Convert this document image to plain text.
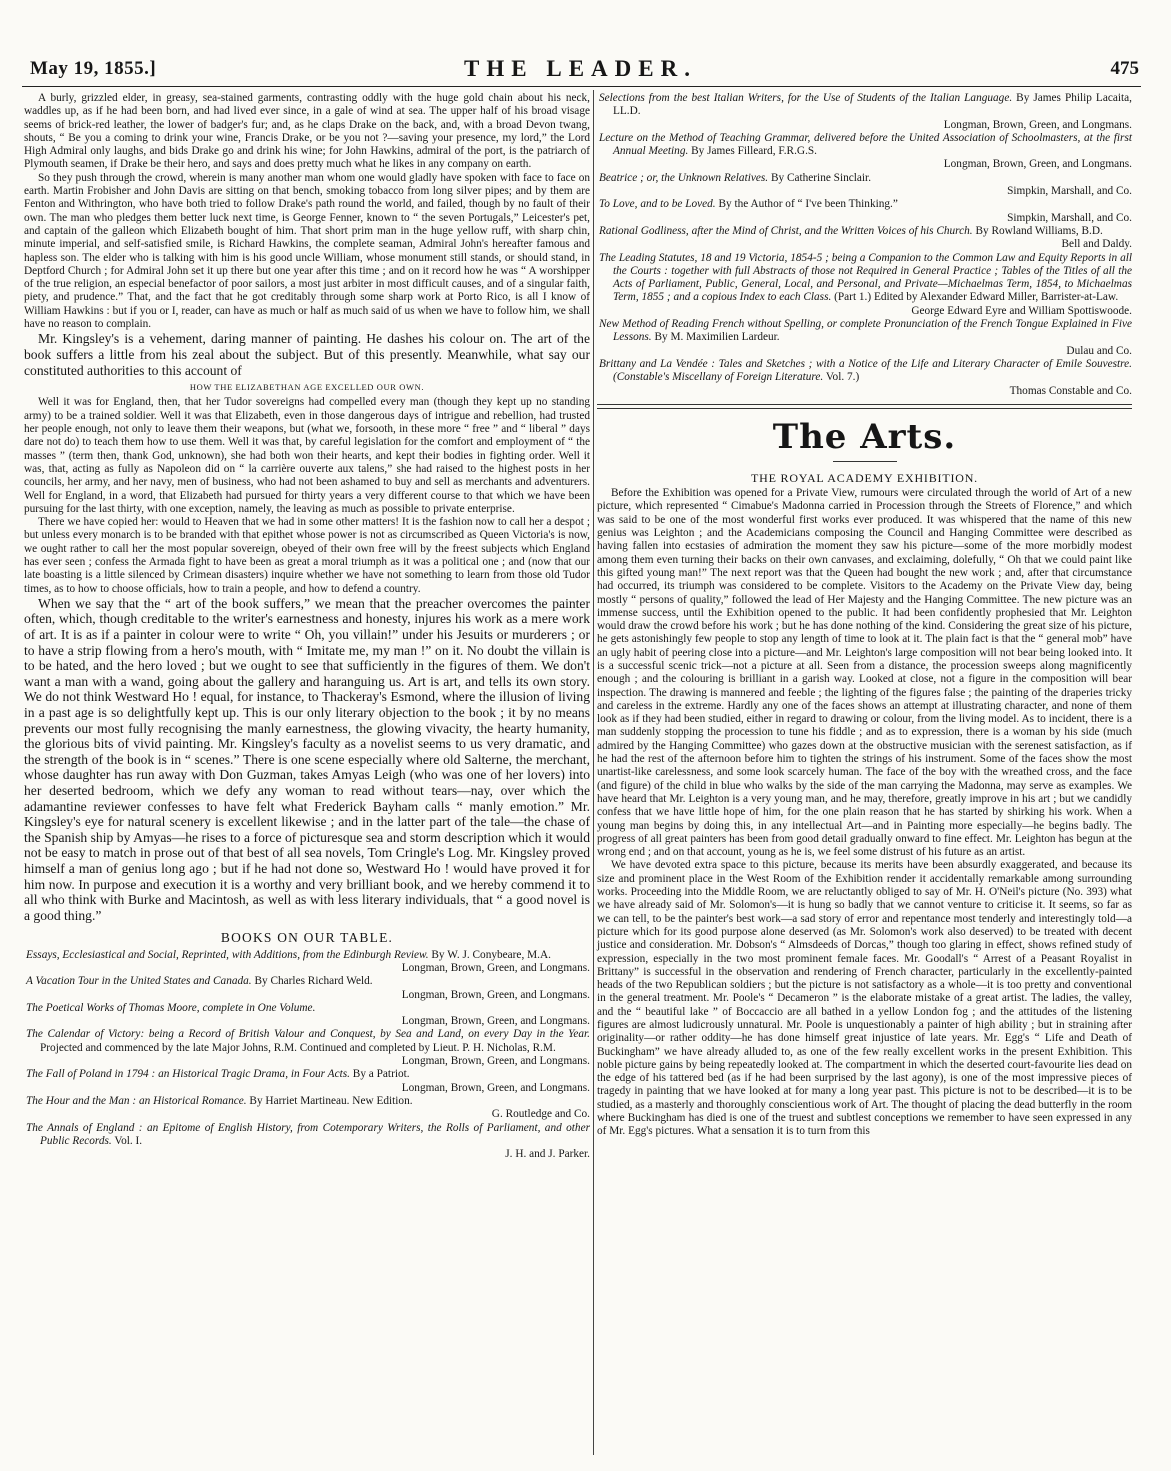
May 19, 1855.]	THE LEADER.	475

A burly, grizzled elder, in greasy, sea-stained garments, contrasting oddly with the huge gold chain about his neck, waddles up, as if he had been born, and had lived ever since, in a gale of wind at sea. The upper half of his broad visage seems of brick-red leather, the lower of badger's fur; and, as he claps Drake on the back, and, with a broad Devon twang, shouts, “ Be you a coming to drink your wine, Francis Drake, or be you not ?—saving your presence, my lord,” the Lord High Admiral only laughs, and bids Drake go and drink his wine; for John Hawkins, admiral of the port, is the patriarch of Plymouth seamen, if Drake be their hero, and says and does pretty much what he likes in any company on earth.

So they push through the crowd, wherein is many another man whom one would gladly have spoken with face to face on earth. Martin Frobisher and John Davis are sitting on that bench, smoking tobacco from long silver pipes; and by them are Fenton and Withrington, who have both tried to follow Drake's path round the world, and failed, though by no fault of their own. The man who pledges them better luck next time, is George Fenner, known to “ the seven Portugals,” Leicester's pet, and captain of the galleon which Elizabeth bought of him. That short prim man in the huge yellow ruff, with sharp chin, minute imperial, and self-satisfied smile, is Richard Hawkins, the complete seaman, Admiral John's hereafter famous and hapless son. The elder who is talking with him is his good uncle William, whose monument still stands, or should stand, in Deptford Church ; for Admiral John set it up there but one year after this time ; and on it record how he was “ A worshipper of the true religion, an especial benefactor of poor sailors, a most just arbiter in most difficult causes, and of a singular faith, piety, and prudence.” That, and the fact that he got creditably through some sharp work at Porto Rico, is all I know of William Hawkins : but if you or I, reader, can have as much or half as much said of us when we have to follow him, we shall have no reason to complain.

Mr. Kingsley's is a vehement, daring manner of painting. He dashes his colour on. The art of the book suffers a little from his zeal about the subject. But of this presently. Meanwhile, what say our constituted authorities to this account of

HOW THE ELIZABETHAN AGE EXCELLED OUR OWN.

Well it was for England, then, that her Tudor sovereigns had compelled every man (though they kept up no standing army) to be a trained soldier. Well it was that Elizabeth, even in those dangerous days of intrigue and rebellion, had trusted her people enough, not only to leave them their weapons, but (what we, forsooth, in these more “ free ” and “ liberal ” days dare not do) to teach them how to use them. Well it was that, by careful legislation for the comfort and employment of “ the masses ” (term then, thank God, unknown), she had both won their hearts, and kept their bodies in fighting order. Well it was, that, acting as fully as Napoleon did on “ la carrière ouverte aux talens,” she had raised to the highest posts in her councils, her army, and her navy, men of business, who had not been ashamed to buy and sell as merchants and adventurers. Well for England, in a word, that Elizabeth had pursued for thirty years a very different course to that which we have been pursuing for the last thirty, with one exception, namely, the leaving as much as possible to private enterprise.

There we have copied her: would to Heaven that we had in some other matters! It is the fashion now to call her a despot ; but unless every monarch is to be branded with that epithet whose power is not as circumscribed as Queen Victoria's is now, we ought rather to call her the most popular sovereign, obeyed of their own free will by the freest subjects which England has ever seen ; confess the Armada fight to have been as great a moral triumph as it was a political one ; and (now that our late boasting is a little silenced by Crimean disasters) inquire whether we have not something to learn from those old Tudor times, as to how to choose officials, how to train a people, and how to defend a country.

When we say that the “ art of the book suffers,” we mean that the preacher overcomes the painter often, which, though creditable to the writer's earnestness and honesty, injures his work as a mere work of art. It is as if a painter in colour were to write “ Oh, you villain!” under his Jesuits or murderers ; or to have a strip flowing from a hero's mouth, with “ Imitate me, my man !” on it. No doubt the villain is to be hated, and the hero loved ; but we ought to see that sufficiently in the figures of them. We don't want a man with a wand, going about the gallery and haranguing us. Art is art, and tells its own story. We do not think Westward Ho ! equal, for instance, to Thackeray's Esmond, where the illusion of living in a past age is so delightfully kept up. This is our only literary objection to the book ; it by no means prevents our most fully recognising the manly earnestness, the glowing vivacity, the hearty humanity, the glorious bits of vivid painting. Mr. Kingsley's faculty as a novelist seems to us very dramatic, and the strength of the book is in “ scenes.” There is one scene especially where old Salterne, the merchant, whose daughter has run away with Don Guzman, takes Amyas Leigh (who was one of her lovers) into her deserted bedroom, which we defy any woman to read without tears—nay, over which the adamantine reviewer confesses to have felt what Frederick Bayham calls “ manly emotion.” Mr. Kingsley's eye for natural scenery is excellent likewise ; and in the latter part of the tale—the chase of the Spanish ship by Amyas—he rises to a force of picturesque sea and storm description which it would not be easy to match in prose out of that best of all sea novels, Tom Cringle's Log. Mr. Kingsley proved himself a man of genius long ago ; but if he had not done so, Westward Ho ! would have proved it for him now. In purpose and execution it is a worthy and very brilliant book, and we hereby commend it to all who think with Burke and Macintosh, as well as with less literary individuals, that “ a good novel is a good thing.”

BOOKS ON OUR TABLE.
Essays, Ecclesiastical and Social, Reprinted, with Additions, from the Edinburgh Review. By W. J. Conybeare, M.A.
Longman, Brown, Green, and Longmans.
A Vacation Tour in the United States and Canada. By Charles Richard Weld.
Longman, Brown, Green, and Longmans.
The Poetical Works of Thomas Moore, complete in One Volume.
Longman, Brown, Green, and Longmans.
The Calendar of Victory: being a Record of British Valour and Conquest, by Sea and Land, on every Day in the Year. Projected and commenced by the late Major Johns, R.M. Continued and completed by Lieut. P. H. Nicholas, R.M.
Longman, Brown, Green, and Longmans.
The Fall of Poland in 1794 : an Historical Tragic Drama, in Four Acts. By a Patriot.
Longman, Brown, Green, and Longmans.
The Hour and the Man : an Historical Romance. By Harriet Martineau. New Edition.
G. Routledge and Co.
The Annals of England : an Epitome of English History, from Cotemporary Writers, the Rolls of Parliament, and other Public Records. Vol. I.
J. H. and J. Parker.
Selections from the best Italian Writers, for the Use of Students of the Italian Language. By James Philip Lacaita, LL.D.
Longman, Brown, Green, and Longmans.
Lecture on the Method of Teaching Grammar, delivered before the United Association of Schoolmasters, at the first Annual Meeting. By James Filleard, F.R.G.S.
Longman, Brown, Green, and Longmans.
Beatrice ; or, the Unknown Relatives. By Catherine Sinclair.
Simpkin, Marshall, and Co.
To Love, and to be Loved. By the Author of “ I've been Thinking.”
Simpkin, Marshall, and Co.
Rational Godliness, after the Mind of Christ, and the Written Voices of his Church. By Rowland Williams, B.D.
Bell and Daldy.
The Leading Statutes, 18 and 19 Victoria, 1854-5 ; being a Companion to the Common Law and Equity Reports in all the Courts : together with full Abstracts of those not Required in General Practice ; Tables of the Titles of all the Acts of Parliament, Public, General, Local, and Personal, and Private—Michaelmas Term, 1854, to Michaelmas Term, 1855 ; and a copious Index to each Class. (Part 1.) Edited by Alexander Edward Miller, Barrister-at-Law.
George Edward Eyre and William Spottiswoode.
New Method of Reading French without Spelling, or complete Pronunciation of the French Tongue Explained in Five Lessons. By M. Maximilien Lardeur.
Dulau and Co.
Brittany and La Vendée : Tales and Sketches ; with a Notice of the Life and Literary Character of Emile Souvestre. (Constable's Miscellany of Foreign Literature. Vol. 7.)
Thomas Constable and Co.
The Arts.
THE ROYAL ACADEMY EXHIBITION.

Before the Exhibition was opened for a Private View, rumours were circulated through the world of Art of a new picture, which represented “ Cimabue's Madonna carried in Procession through the Streets of Florence,” and which was said to be one of the most wonderful first works ever produced. It was whispered that the name of this new genius was Leighton ; and the Academicians composing the Council and Hanging Committee were described as having fallen into ecstasies of admiration the moment they saw his picture—some of the more morbidly modest among them even turning their backs on their own canvases, and exclaiming, dolefully, “ Oh that we could paint like this gifted young man!” The next report was that the Queen had bought the new work ; and, after that circumstance had occurred, its triumph was considered to be complete. Visitors to the Academy on the Private View day, being mostly “ persons of quality,” followed the lead of Her Majesty and the Hanging Committee. The new picture was an immense success, until the Exhibition opened to the public. It had been confidently prophesied that Mr. Leighton would draw the crowd before his work ; but he has done nothing of the kind. Considering the great size of his picture, he gets astonishingly few people to stop any length of time to look at it. The plain fact is that the “ general mob” have an ugly habit of peering close into a picture—and Mr. Leighton's large composition will not bear being looked into. It is a successful scenic trick—not a picture at all. Seen from a distance, the procession sweeps along magnificently enough ; and the colouring is brilliant in a garish way. Looked at close, not a figure in the composition will bear inspection. The drawing is mannered and feeble ; the lighting of the figures false ; the painting of the draperies tricky and careless in the extreme. Hardly any one of the faces shows an attempt at illustrating character, and none of them look as if they had been studied, either in regard to drawing or colour, from the living model. As to incident, there is a man suddenly stopping the procession to tune his fiddle ; and as to expression, there is a woman by his side (much admired by the Hanging Committee) who gazes down at the obstructive musician with the serenest satisfaction, as if he had the rest of the afternoon before him to tighten the strings of his instrument. Some of the faces show the most unartist-like carelessness, and some look scarcely human. The face of the boy with the wreathed cross, and the face (and figure) of the child in blue who walks by the side of the man carrying the Madonna, may serve as examples. We have heard that Mr. Leighton is a very young man, and he may, therefore, greatly improve in his art ; but we candidly confess that we have little hope of him, for the one plain reason that he has started by shirking his work. When a young man begins by doing this, in any intellectual Art—and in Painting more especially—he begins badly. The progress of all great painters has been from good detail gradually onward to fine effect. Mr. Leighton has begun at the wrong end ; and on that account, young as he is, we feel some distrust of his future as an artist.

We have devoted extra space to this picture, because its merits have been absurdly exaggerated, and because its size and prominent place in the West Room of the Exhibition render it accidentally remarkable among surrounding works. Proceeding into the Middle Room, we are reluctantly obliged to say of Mr. H. O'Neil's picture (No. 393) what we have already said of Mr. Solomon's—it is hung so badly that we cannot venture to criticise it. It seems, so far as we can tell, to be the painter's best work—a sad story of error and repentance most tenderly and interestingly told—a picture which for its good purpose alone deserved (as Mr. Solomon's work also deserved) to be treated with decent justice and consideration. Mr. Dobson's “ Almsdeeds of Dorcas,” though too glaring in effect, shows refined study of expression, especially in the two most prominent female faces. Mr. Goodall's “ Arrest of a Peasant Royalist in Brittany” is successful in the observation and rendering of French character, particularly in the excellently-painted heads of the two Republican soldiers ; but the picture is not satisfactory as a whole—it is too pretty and conventional in the general treatment. Mr. Poole's “ Decameron ” is the elaborate mistake of a great artist. The ladies, the valley, and the “ beautiful lake ” of Boccaccio are all bathed in a yellow London fog ; and the attitudes of the listening figures are almost ludicrously unnatural. Mr. Poole is unquestionably a painter of high ability ; but in straining after originality—or rather oddity—he has done himself great injustice of late years. Mr. Egg's “ Life and Death of Buckingham” we have already alluded to, as one of the few really excellent works in the present Exhibition. This noble picture gains by being repeatedly looked at. The compartment in which the deserted court-favourite lies dead on the edge of his tattered bed (as if he had been surprised by the last agony), is one of the most impressive pieces of tragedy in painting that we have looked at for many a long year past. This picture is not to be described—it is to be studied, as a masterly and thoroughly conscientious work of Art. The thought of placing the dead butterfly in the room where Buckingham has died is one of the truest and subtlest conceptions we remember to have seen expressed in any of Mr. Egg's pictures. What a sensation it is to turn from this
